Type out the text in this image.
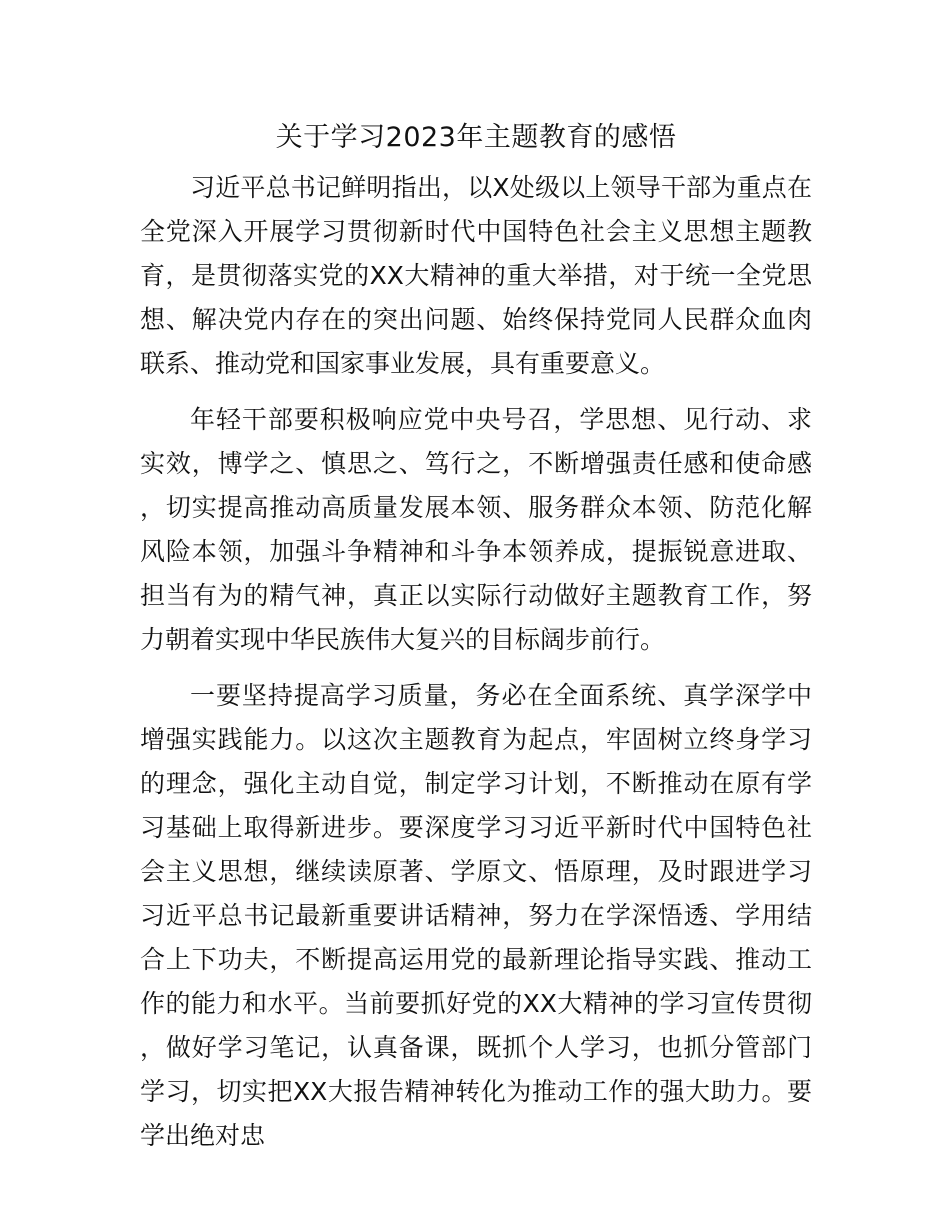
关于学习2023年主题教育的感悟

习近平总书记鲜明指出，以X处级以上领导干部为重点在全党深入开展学习贯彻新时代中国特色社会主义思想主题教育，是贯彻落实党的XX大精神的重大举措，对于统一全党思想、解决党内存在的突出问题、始终保持党同人民群众血肉联系、推动党和国家事业发展，具有重要意义。

年轻干部要积极响应党中央号召，学思想、见行动、求实效，博学之、慎思之、笃行之，不断增强责任感和使命感，切实提高推动高质量发展本领、服务群众本领、防范化解风险本领，加强斗争精神和斗争本领养成，提振锐意进取、担当有为的精气神，真正以实际行动做好主题教育工作，努力朝着实现中华民族伟大复兴的目标阔步前行。

一要坚持提高学习质量，务必在全面系统、真学深学中增强实践能力。以这次主题教育为起点，牢固树立终身学习的理念，强化主动自觉，制定学习计划，不断推动在原有学习基础上取得新进步。要深度学习习近平新时代中国特色社会主义思想，继续读原著、学原文、悟原理，及时跟进学习习近平总书记最新重要讲话精神，努力在学深悟透、学用结合上下功夫，不断提高运用党的最新理论指导实践、推动工作的能力和水平。当前要抓好党的XX大精神的学习宣传贯彻，做好学习笔记，认真备课，既抓个人学习，也抓分管部门学习，切实把XX大报告精神转化为推动工作的强大助力。要学出绝对忠
